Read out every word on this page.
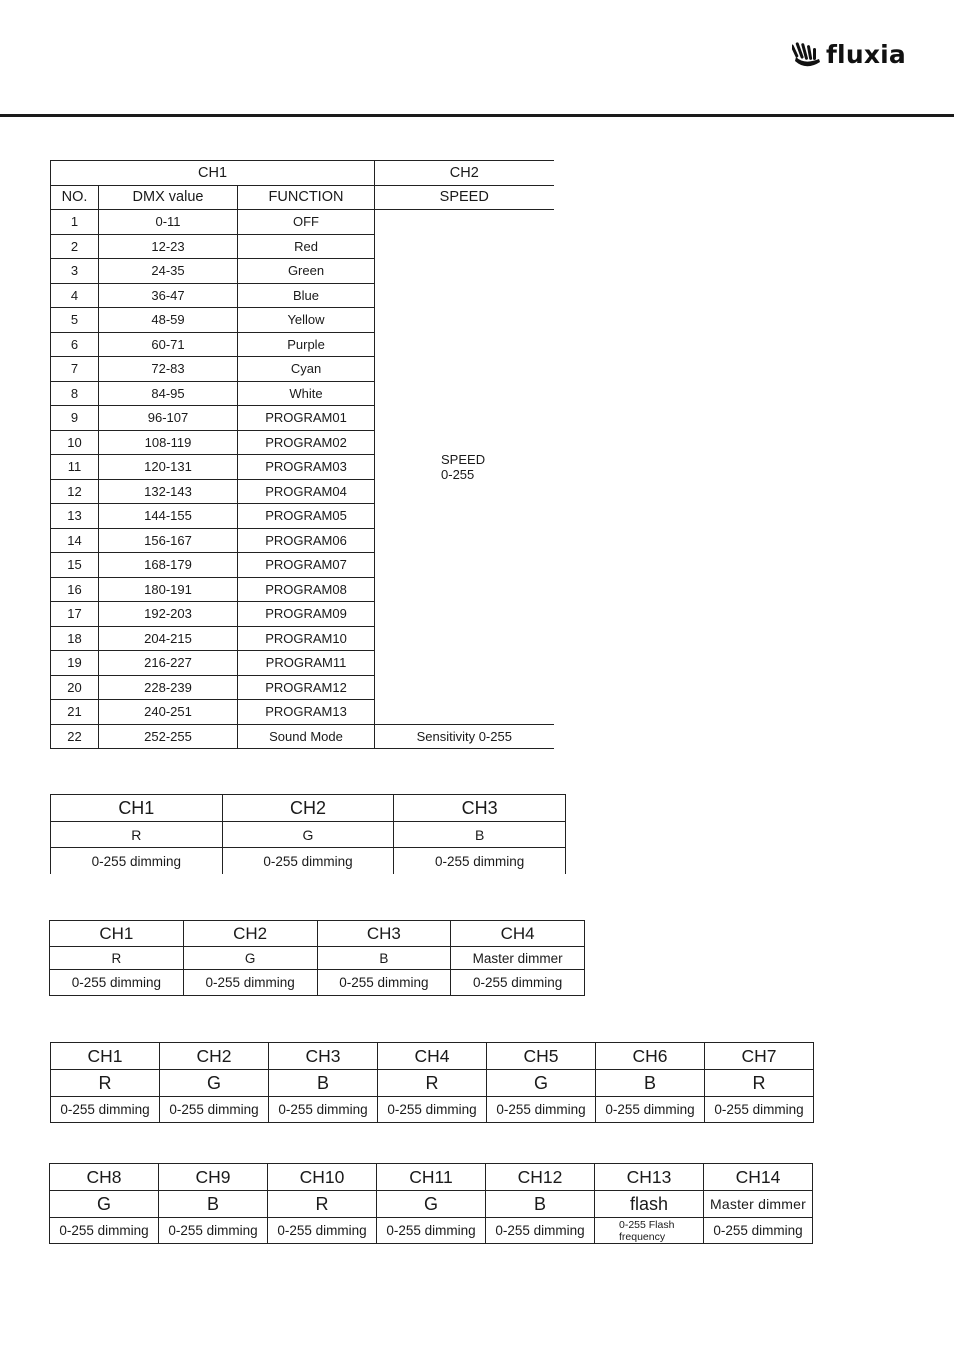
fluxia
CH1			CH2
NO.	DMX value	FUNCTION	SPEED
1	0-11	OFF	SPEED
0-255

2	12-23	Red	
3	24-35	Green	
4	36-47	Blue	
5	48-59	Yellow	
6	60-71	Purple	
7	72-83	Cyan	
8	84-95	White	
9	96-107	PROGRAM01	
10	108-119	PROGRAM02	
11	120-131	PROGRAM03	
12	132-143	PROGRAM04	
13	144-155	PROGRAM05	
14	156-167	PROGRAM06	
15	168-179	PROGRAM07	
16	180-191	PROGRAM08	
17	192-203	PROGRAM09	
18	204-215	PROGRAM10	
19	216-227	PROGRAM11	
20	228-239	PROGRAM12	
21	240-251	PROGRAM13	
22	252-255	Sound Mode	Sensitivity 0-255
CH1	CH2	CH3
R	G	B
0-255 dimming	0-255 dimming	0-255 dimming
CH1	CH2	CH3	CH4
R	G	B	Master dimmer
0-255 dimming	0-255 dimming	0-255 dimming	0-255 dimming
CH1	CH2	CH3	CH4	CH5	CH6	CH7
R	G	B	R	G	B	R
0-255 dimming	0-255 dimming	0-255 dimming	0-255 dimming	0-255 dimming	0-255 dimming	0-255 dimming
CH8	CH9	CH10	CH11	CH12	CH13	CH14
G	B	R	G	B	flash	Master dimmer
0-255 dimming	0-255 dimming	0-255 dimming	0-255 dimming	0-255 dimming	0-255 Flash frequency	0-255 dimming
